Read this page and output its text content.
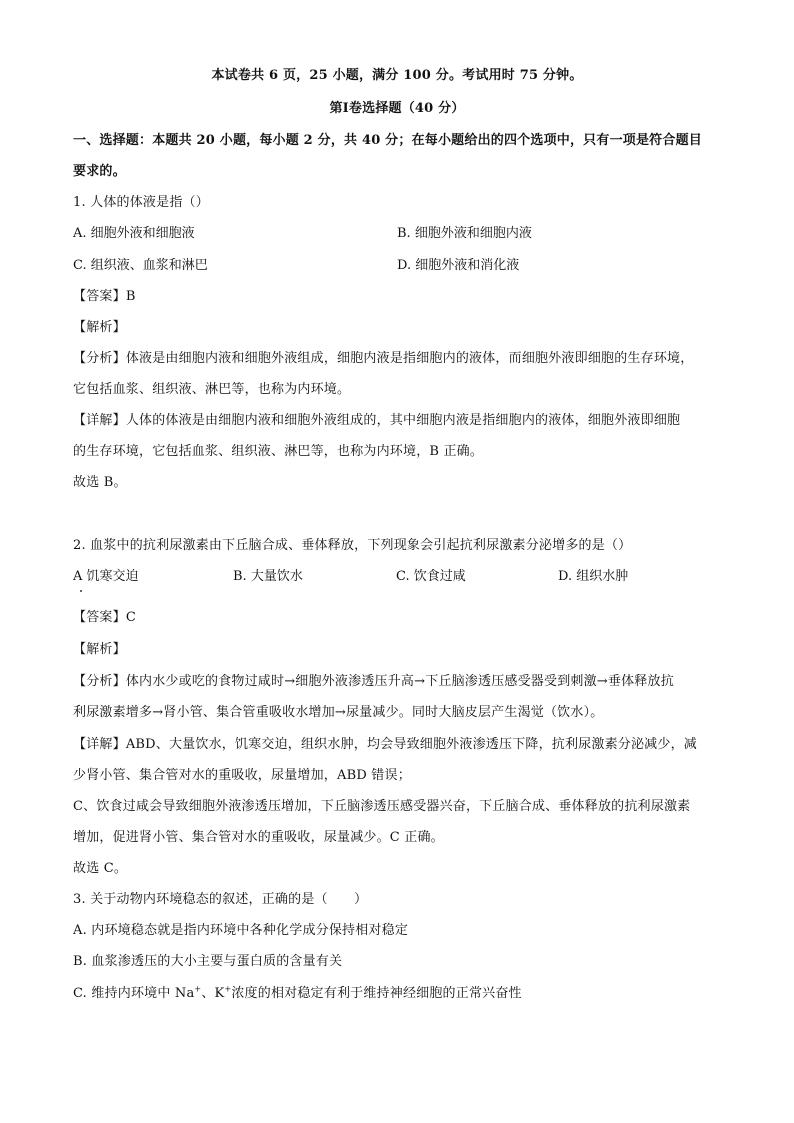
本试卷共 6 页，25 小题，满分 100 分。考试用时 75 分钟。
第Ⅰ卷选择题（40 分）
一、选择题：本题共 20 小题，每小题 2 分，共 40 分；在每小题给出的四个选项中，只有一项是符合题目
要求的。
1. 人体的体液是指（）
A. 细胞外液和细胞液	B. 细胞外液和细胞内液
C. 组织液、血浆和淋巴	D. 细胞外液和消化液
【答案】B
【解析】
【分析】体液是由细胞内液和细胞外液组成，细胞内液是指细胞内的液体，而细胞外液即细胞的生存环境，
它包括血浆、组织液、淋巴等，也称为内环境。
【详解】人体的体液是由细胞内液和细胞外液组成的，其中细胞内液是指细胞内的液体，细胞外液即细胞
的生存环境，它包括血浆、组织液、淋巴等，也称为内环境，B 正确。
故选 B。
2. 血浆中的抗利尿激素由下丘脑合成、垂体释放，下列现象会引起抗利尿激素分泌增多的是（）
A 饥寒交迫	B. 大量饮水	C. 饮食过咸	D. 组织水肿
【答案】C
【解析】
【分析】体内水少或吃的食物过咸时→细胞外液渗透压升高→下丘脑渗透压感受器受到刺激→垂体释放抗
利尿激素增多→肾小管、集合管重吸收水增加→尿量减少。同时大脑皮层产生渴觉（饮水）。
【详解】ABD、大量饮水，饥寒交迫，组织水肿，均会导致细胞外液渗透压下降，抗利尿激素分泌减少，减
少肾小管、集合管对水的重吸收，尿量增加，ABD 错误；
C、饮食过咸会导致细胞外液渗透压增加，下丘脑渗透压感受器兴奋，下丘脑合成、垂体释放的抗利尿激素
增加，促进肾小管、集合管对水的重吸收，尿量减少。C 正确。
故选 C。
3. 关于动物内环境稳态的叙述，正确的是（　　）
A. 内环境稳态就是指内环境中各种化学成分保持相对稳定
B. 血浆渗透压的大小主要与蛋白质的含量有关
C. 维持内环境中 Na+、K+浓度的相对稳定有利于维持神经细胞的正常兴奋性
